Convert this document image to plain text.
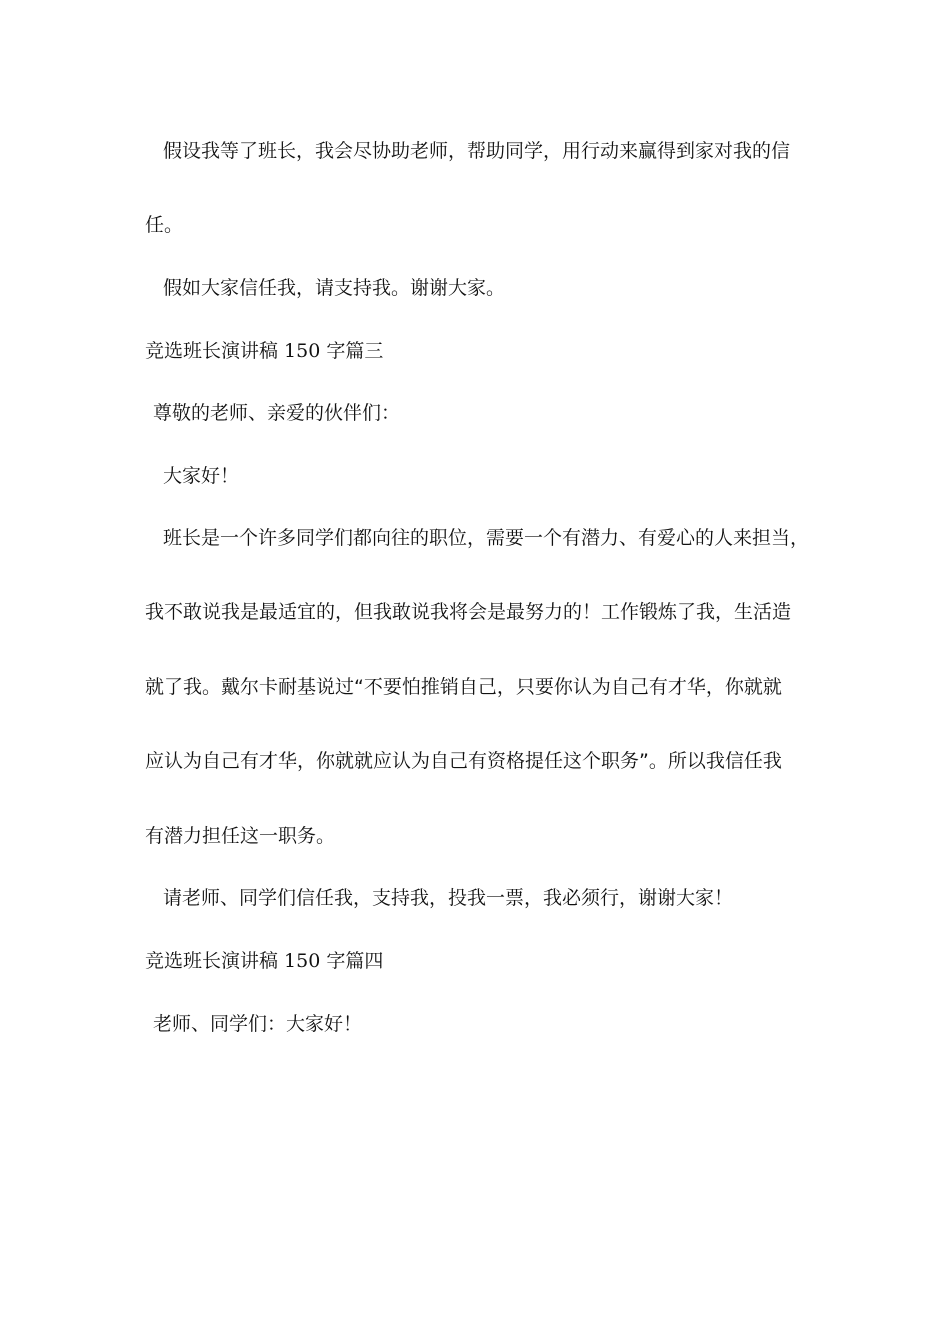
假设我等了班长，我会尽协助老师，帮助同学，用行动来赢得到家对我的信
任。
假如大家信任我，请支持我。谢谢大家。
竞选班长演讲稿 150 字篇三
尊敬的老师、亲爱的伙伴们：
大家好！
班长是一个许多同学们都向往的职位，需要一个有潜力、有爱心的人来担当，
我不敢说我是最适宜的，但我敢说我将会是最努力的！工作锻炼了我，生活造
就了我。戴尔卡耐基说过“不要怕推销自己，只要你认为自己有才华，你就就
应认为自己有才华，你就就应认为自己有资格提任这个职务”。所以我信任我
有潜力担任这一职务。
请老师、同学们信任我，支持我，投我一票，我必须行，谢谢大家！
竞选班长演讲稿 150 字篇四
老师、同学们：大家好！
